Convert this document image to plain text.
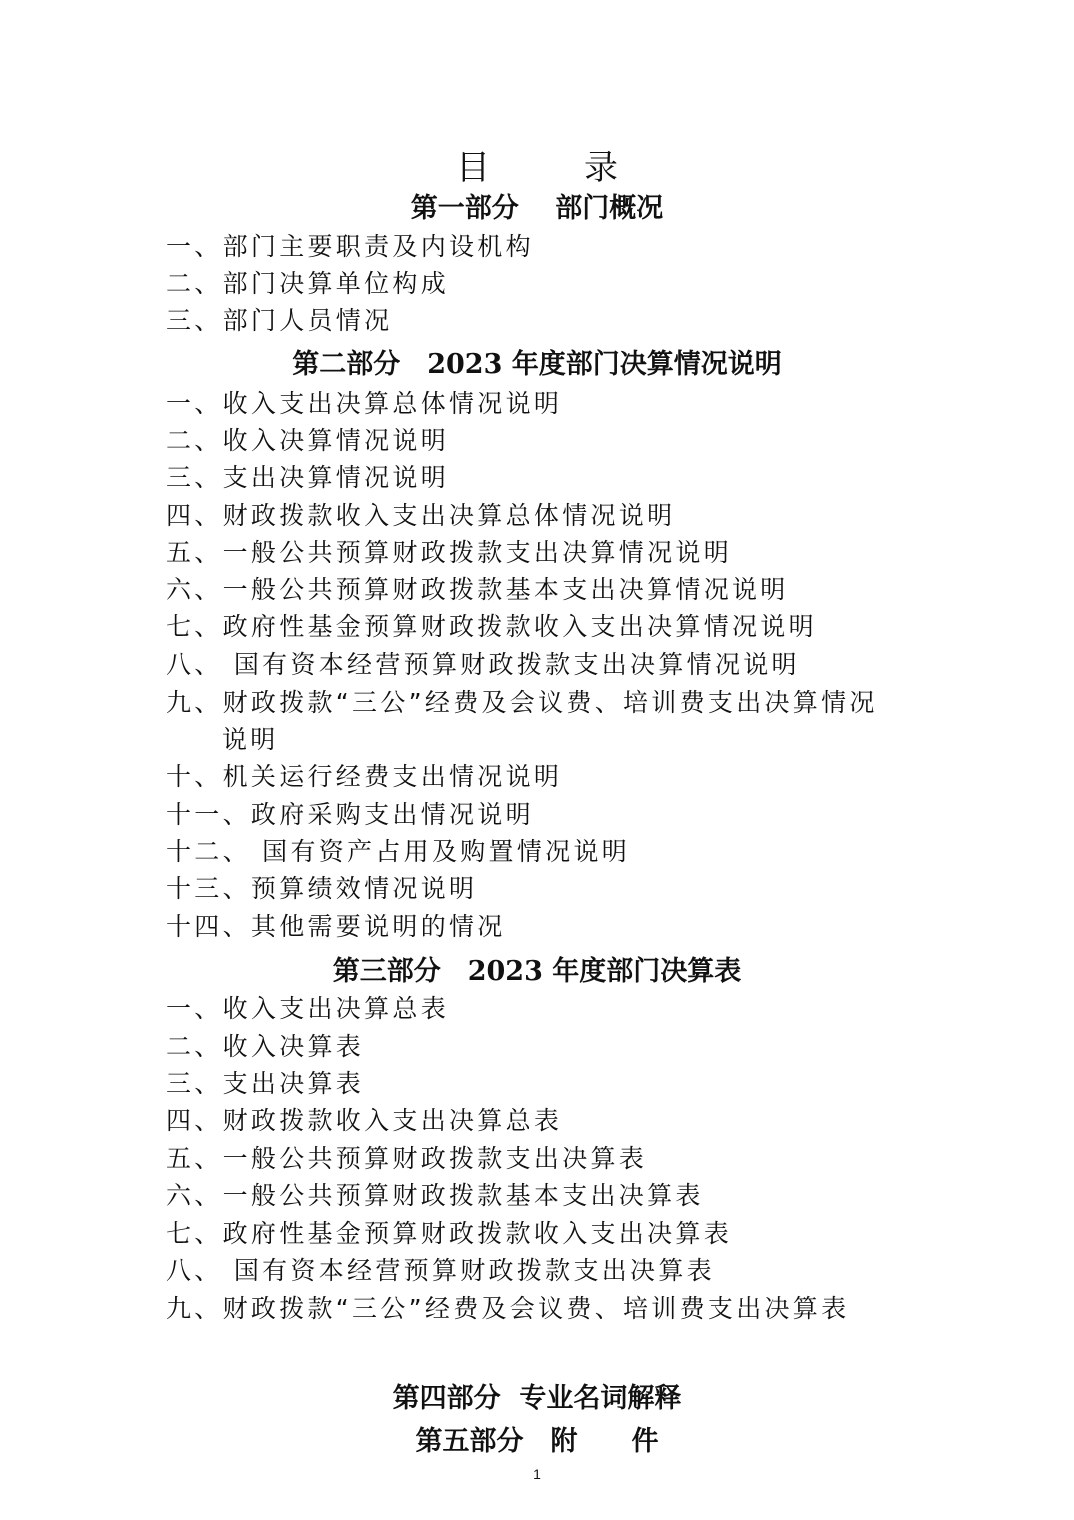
目　录
第一部分　 部门概况
一、部门主要职责及内设机构
二、部门决算单位构成
三、部门人员情况
第二部分　2023 年度部门决算情况说明
一、收入支出决算总体情况说明
二、收入决算情况说明
三、支出决算情况说明
四、财政拨款收入支出决算总体情况说明
五、一般公共预算财政拨款支出决算情况说明
六、一般公共预算财政拨款基本支出决算情况说明
七、政府性基金预算财政拨款收入支出决算情况说明
八、 国有资本经营预算财政拨款支出决算情况说明
九、财政拨款“三公”经费及会议费、培训费支出决算情况
说明
十、机关运行经费支出情况说明
十一、政府采购支出情况说明
十二、 国有资产占用及购置情况说明
十三、预算绩效情况说明
十四、其他需要说明的情况
第三部分　2023 年度部门决算表
一、收入支出决算总表
二、收入决算表
三、支出决算表
四、财政拨款收入支出决算总表
五、一般公共预算财政拨款支出决算表
六、一般公共预算财政拨款基本支出决算表
七、政府性基金预算财政拨款收入支出决算表
八、 国有资本经营预算财政拨款支出决算表
九、财政拨款“三公”经费及会议费、培训费支出决算表
第四部分  专业名词解释
第五部分　附　　件
1
